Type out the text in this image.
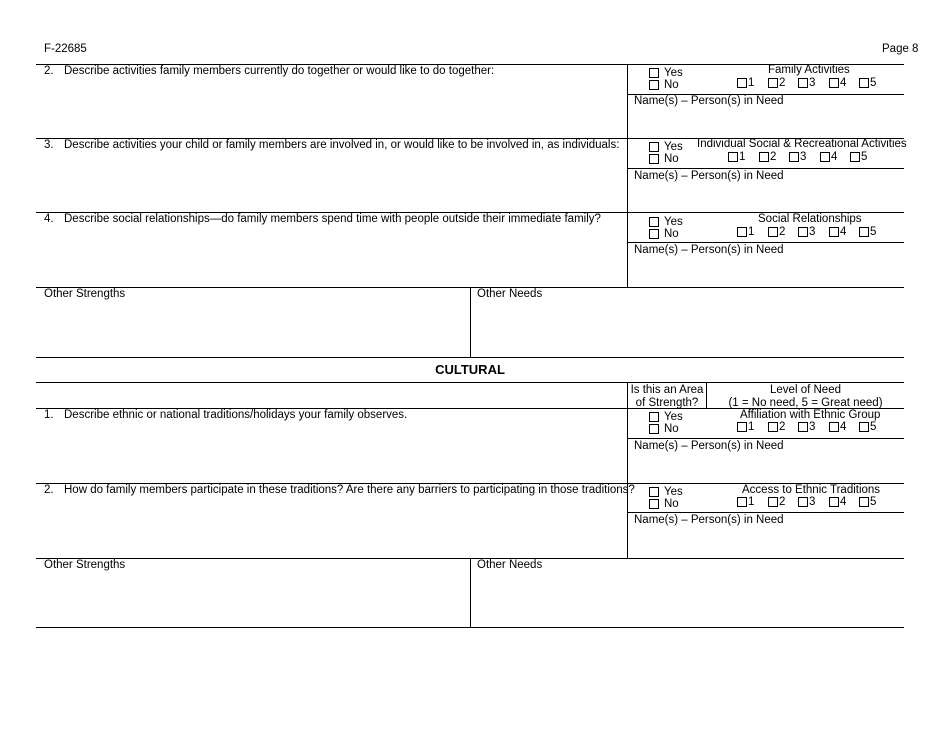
F-22685	Page 8
2. Describe activities family members currently do together or would like to do together:	Yes
No
Family Activities
1 2 3 4 5
Name(s) – Person(s) in Need
3. Describe activities your child or family members are involved in, or would like to be involved in, as individuals:	Yes
No
Individual Social & Recreational Activities
1 2 3 4 5
Name(s) – Person(s) in Need
4. Describe social relationships—do family members spend time with people outside their immediate family?	Yes
No
Social Relationships
1 2 3 4 5
Name(s) – Person(s) in Need
Other Strengths	Other Needs
CULTURAL
Is this an Area
of Strength?
Level of Need
(1 = No need, 5 = Great need)
1. Describe ethnic or national traditions/holidays your family observes.	Yes
No
Affiliation with Ethnic Group
1 2 3 4 5
Name(s) – Person(s) in Need
2. How do family members participate in these traditions? Are there any barriers to participating in those traditions?	Yes
No
Access to Ethnic Traditions
1 2 3 4 5
Name(s) – Person(s) in Need
Other Strengths	Other Needs
